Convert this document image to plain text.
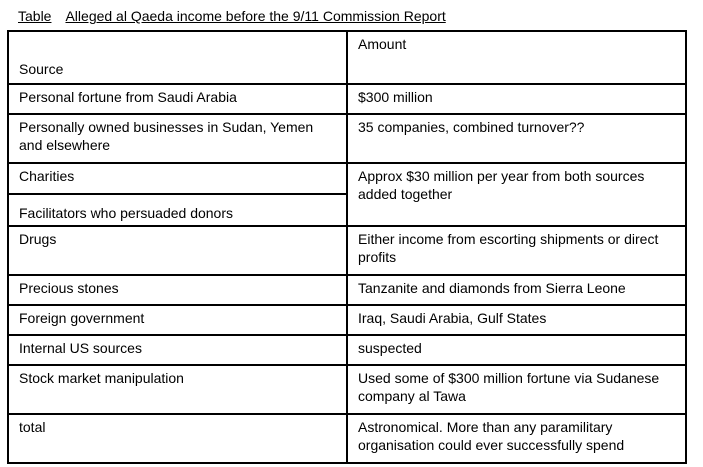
Table Alleged al Qaeda income before the 9/11 Commission Report
Source	Amount
Personal fortune from Saudi Arabia	$300 million
Personally owned businesses in Sudan, Yemen and elsewhere	35 companies, combined turnover??
Charities	Approx $30 million per year from both sources added together
Facilitators who persuaded donors	
Drugs	Either income from escorting shipments or direct profits
Precious stones	Tanzanite and diamonds from Sierra Leone
Foreign government	Iraq, Saudi Arabia, Gulf States
Internal US sources	suspected
Stock market manipulation	Used some of $300 million fortune via Sudanese company al Tawa
total	Astronomical. More than any paramilitary organisation could ever successfully spend
